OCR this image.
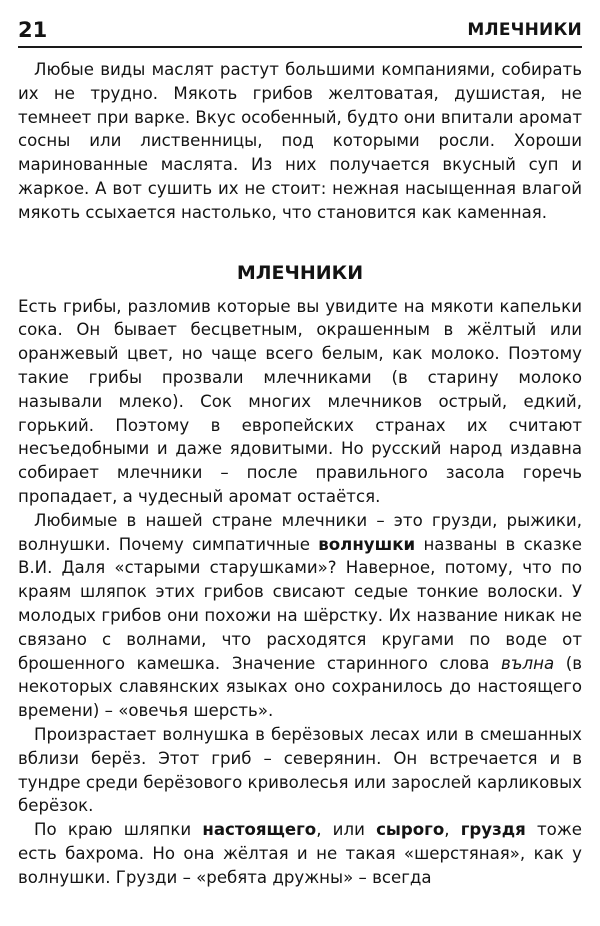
21	МЛЕЧНИКИ

Любые виды маслят растут большими компаниями, собирать их не трудно. Мякоть грибов желтоватая, душистая, не темнеет при варке. Вкус особенный, будто они впитали аромат сосны или лиственницы, под которыми росли. Хороши маринованные маслята. Из них получается вкусный суп и жаркое. А вот сушить их не стоит: нежная насыщенная влагой мякоть ссыхается настолько, что становится как каменная.

МЛЕЧНИКИ

Есть грибы, разломив которые вы увидите на мякоти капельки сока. Он бывает бесцветным, окрашенным в жёлтый или оранжевый цвет, но чаще всего белым, как молоко. Поэтому такие грибы прозвали млечниками (в старину молоко называли млеко). Сок многих млечников острый, едкий, горький. Поэтому в европейских странах их считают несъедобными и даже ядовитыми. Но русский народ издавна собирает млечники – после правильного засола горечь пропадает, а чудесный аромат остаётся.

Любимые в нашей стране млечники – это грузди, рыжики, волнушки. Почему симпатичные волнушки названы в сказке В.И. Даля «старыми старушками»? Наверное, потому, что по краям шляпок этих грибов свисают седые тонкие волоски. У молодых грибов они похожи на шёрстку. Их название никак не связано с волнами, что расходятся кругами по воде от брошенного камешка. Значение старинного слова вълна (в некоторых славянских языках оно сохранилось до настоящего времени) – «овечья шерсть».

Произрастает волнушка в берёзовых лесах или в смешанных вблизи берёз. Этот гриб – северянин. Он встречается и в тундре среди берёзового криволесья или зарослей карликовых берёзок.

По краю шляпки настоящего, или сырого, груздя тоже есть бахрома. Но она жёлтая и не такая «шерстяная», как у волнушки. Грузди – «ребята дружны» – всегда
